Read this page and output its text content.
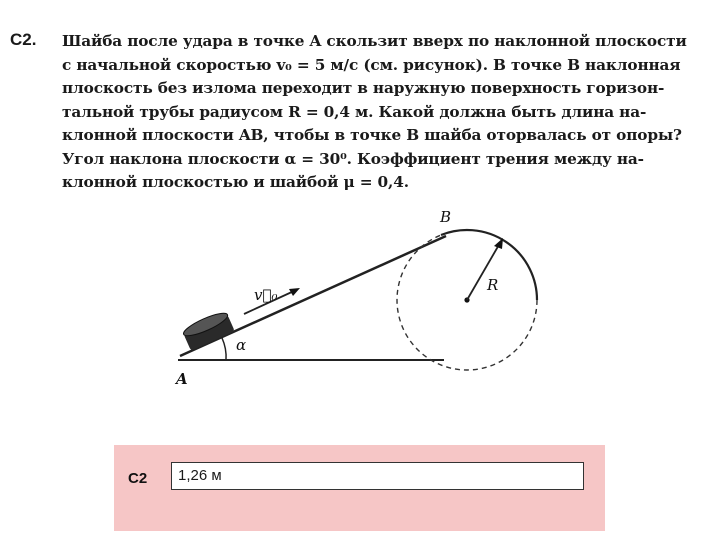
С2. Шайба после удара в точке A скользит вверх по наклонной плоскости
с начальной скоростью v₀ = 5 м/с (см. рисунок). В точке B наклонная
плоскость без излома переходит в наружную поверхность горизон-
тальной трубы радиусом R = 0,4 м. Какой должна быть длина на-
клонной плоскости AB, чтобы в точке B шайба оторвалась от опоры?
Угол наклона плоскости α = 30⁰. Коэффициент трения между на-
клонной плоскостью и шайбой μ = 0,4.
A
B
R
α
v⃗₀
С2	1,26 м
